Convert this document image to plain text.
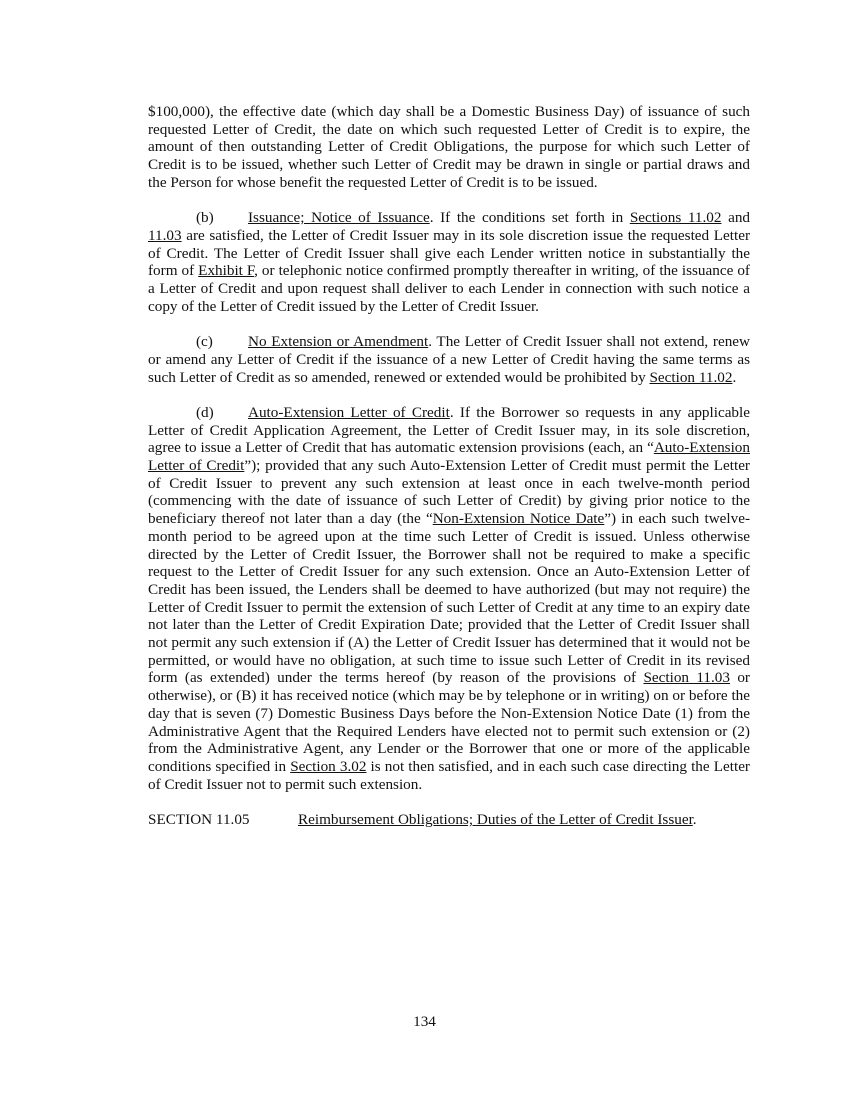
$100,000), the effective date (which day shall be a Domestic Business Day) of issuance of such requested Letter of Credit, the date on which such requested Letter of Credit is to expire, the amount of then outstanding Letter of Credit Obligations, the purpose for which such Letter of Credit is to be issued, whether such Letter of Credit may be drawn in single or partial draws and the Person for whose benefit the requested Letter of Credit is to be issued.

(b) Issuance; Notice of Issuance. If the conditions set forth in Sections 11.02 and 11.03 are satisfied, the Letter of Credit Issuer may in its sole discretion issue the requested Letter of Credit. The Letter of Credit Issuer shall give each Lender written notice in substantially the form of Exhibit F, or telephonic notice confirmed promptly thereafter in writing, of the issuance of a Letter of Credit and upon request shall deliver to each Lender in connection with such notice a copy of the Letter of Credit issued by the Letter of Credit Issuer.

(c) No Extension or Amendment. The Letter of Credit Issuer shall not extend, renew or amend any Letter of Credit if the issuance of a new Letter of Credit having the same terms as such Letter of Credit as so amended, renewed or extended would be prohibited by Section 11.02.

(d) Auto-Extension Letter of Credit. If the Borrower so requests in any applicable Letter of Credit Application Agreement, the Letter of Credit Issuer may, in its sole discretion, agree to issue a Letter of Credit that has automatic extension provisions (each, an “Auto-Extension Letter of Credit”); provided that any such Auto-Extension Letter of Credit must permit the Letter of Credit Issuer to prevent any such extension at least once in each twelve-month period (commencing with the date of issuance of such Letter of Credit) by giving prior notice to the beneficiary thereof not later than a day (the “Non-Extension Notice Date”) in each such twelve-month period to be agreed upon at the time such Letter of Credit is issued. Unless otherwise directed by the Letter of Credit Issuer, the Borrower shall not be required to make a specific request to the Letter of Credit Issuer for any such extension. Once an Auto-Extension Letter of Credit has been issued, the Lenders shall be deemed to have authorized (but may not require) the Letter of Credit Issuer to permit the extension of such Letter of Credit at any time to an expiry date not later than the Letter of Credit Expiration Date; provided that the Letter of Credit Issuer shall not permit any such extension if (A) the Letter of Credit Issuer has determined that it would not be permitted, or would have no obligation, at such time to issue such Letter of Credit in its revised form (as extended) under the terms hereof (by reason of the provisions of Section 11.03 or otherwise), or (B) it has received notice (which may be by telephone or in writing) on or before the day that is seven (7) Domestic Business Days before the Non-Extension Notice Date (1) from the Administrative Agent that the Required Lenders have elected not to permit such extension or (2) from the Administrative Agent, any Lender or the Borrower that one or more of the applicable conditions specified in Section 3.02 is not then satisfied, and in each such case directing the Letter of Credit Issuer not to permit such extension.

SECTION 11.05	Reimbursement Obligations; Duties of the Letter of Credit Issuer.
134
